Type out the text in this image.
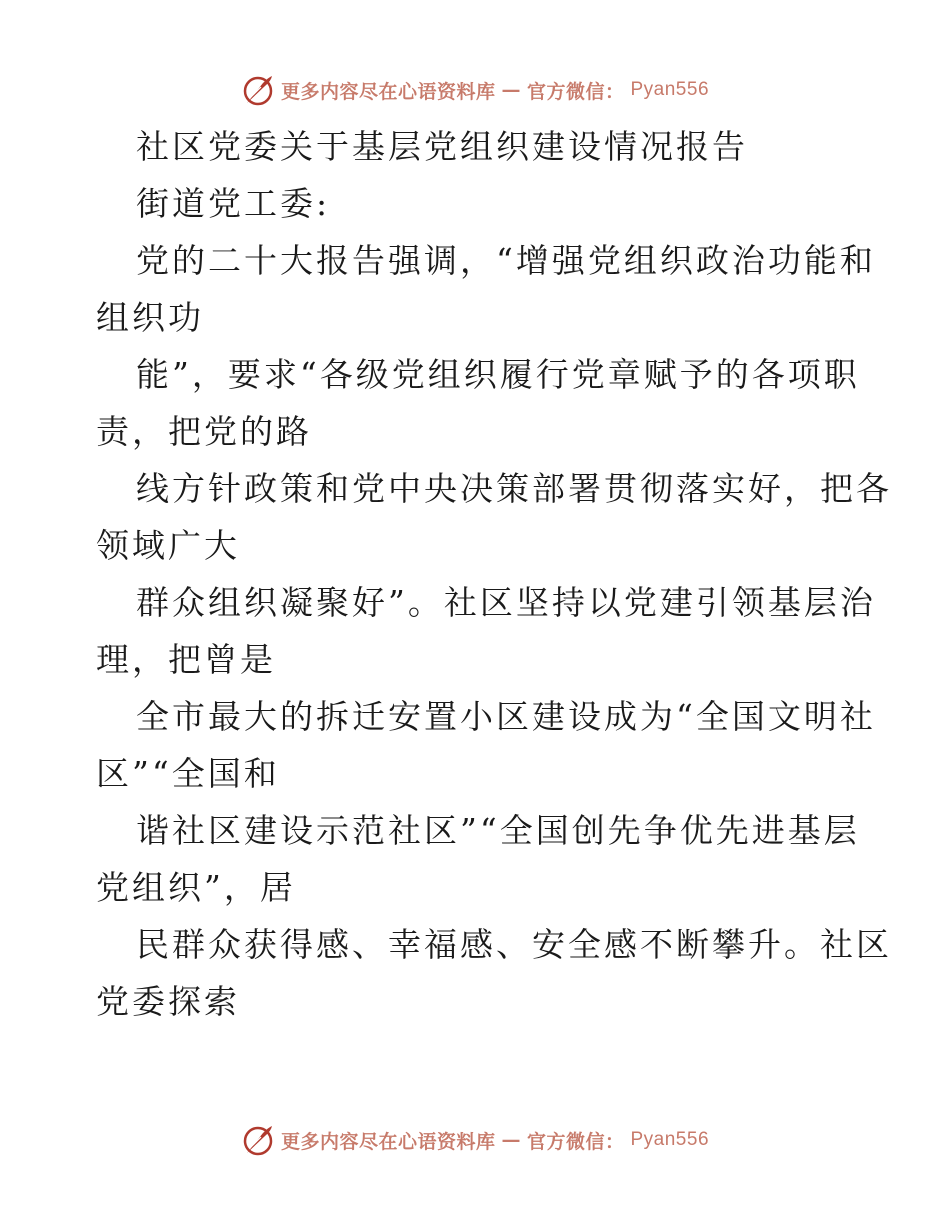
更多内容尽在心语资料库 — 官方微信： Pyan556
社区党委关于基层党组织建设情况报告
街道党工委:
党的二十大报告强调，“增强党组织政治功能和
组织功
能”，要求“各级党组织履行党章赋予的各项职
责，把党的路
线方针政策和党中央决策部署贯彻落实好，把各
领域广大
群众组织凝聚好”。社区坚持以党建引领基层治
理，把曾是
全市最大的拆迁安置小区建设成为“全国文明社
区”“全国和
谐社区建设示范社区”“全国创先争优先进基层
党组织”，居
民群众获得感、幸福感、安全感不断攀升。社区
党委探索
更多内容尽在心语资料库 — 官方微信： Pyan556
